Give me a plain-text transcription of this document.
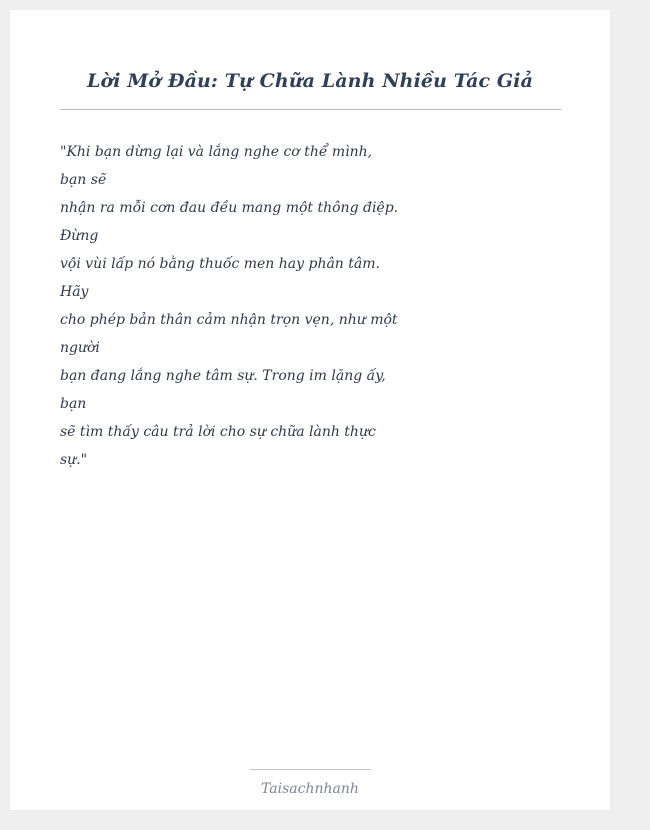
Lời Mở Đầu: Tự Chữa Lành Nhiều Tác Giả
"Khi bạn dừng lại và lắng nghe cơ thể mình,
bạn sẽ
nhận ra mỗi cơn đau đều mang một thông điệp.
Đừng
vội vùi lấp nó bằng thuốc men hay phân tâm.
Hãy
cho phép bản thân cảm nhận trọn vẹn, như một
người
bạn đang lắng nghe tâm sự. Trong im lặng ấy,
bạn
sẽ tìm thấy câu trả lời cho sự chữa lành thực
sự."
Taisachnhanh
